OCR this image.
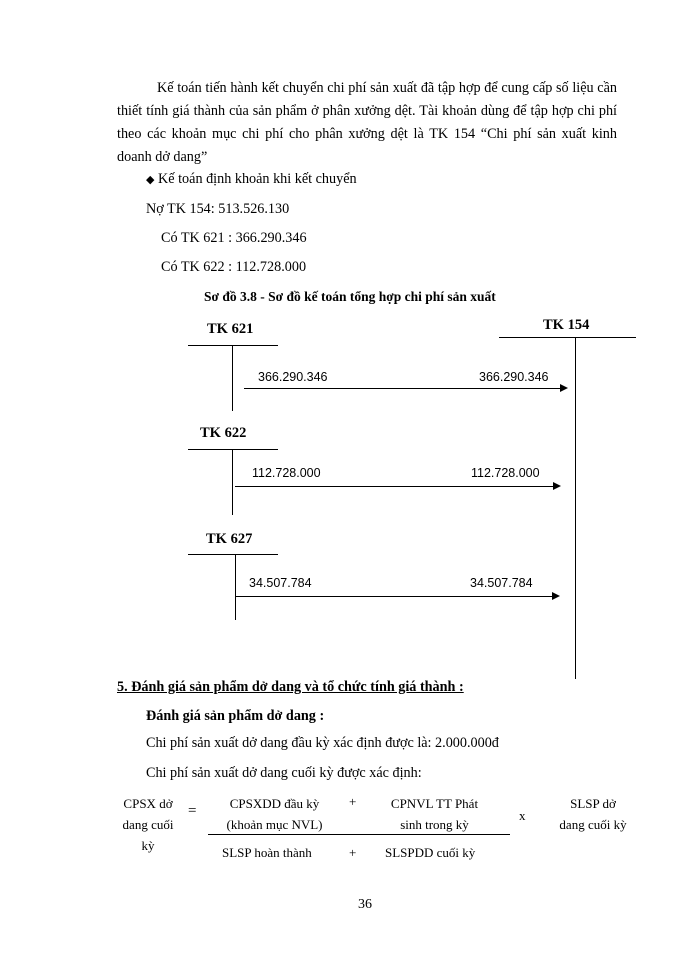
Kế toán tiến hành kết chuyển chi phí sản xuất đã tập hợp để cung cấp số liệu cần thiết tính giá thành của sản phẩm ở phân xưởng dệt. Tài khoản dùng để tập hợp chi phí theo các khoản mục chi phí cho phân xưởng dệt là TK 154 “Chi phí sản xuất kinh doanh dở dang”
◆ Kế toán định khoản khi kết chuyển
Nợ TK 154: 513.526.130
Có TK 621 : 366.290.346
Có TK 622 : 112.728.000
Sơ đồ 3.8 - Sơ đồ kế toán tổng hợp chi phí sản xuất
TK 154
TK 621
366.290.346	366.290.346
TK 622
112.728.000	112.728.000
TK 627
34.507.784	34.507.784
5. Đánh giá sản phẩm dở dang và tổ chức tính giá thành :
Đánh giá sản phẩm dở dang :
Chi phí sản xuất dở dang đầu kỳ xác định được là: 2.000.000đ
Chi phí sản xuất dở dang cuối kỳ được xác định:
CPSX dở
dang cuối
kỳ
=	CPSXDD đầu kỳ
(khoản mục NVL)
+	CPNVL TT Phát
sinh trong kỳ
x
SLSP dở
dang cuối kỳ
SLSP hoàn thành	+ SLSPDD cuối kỳ
36
